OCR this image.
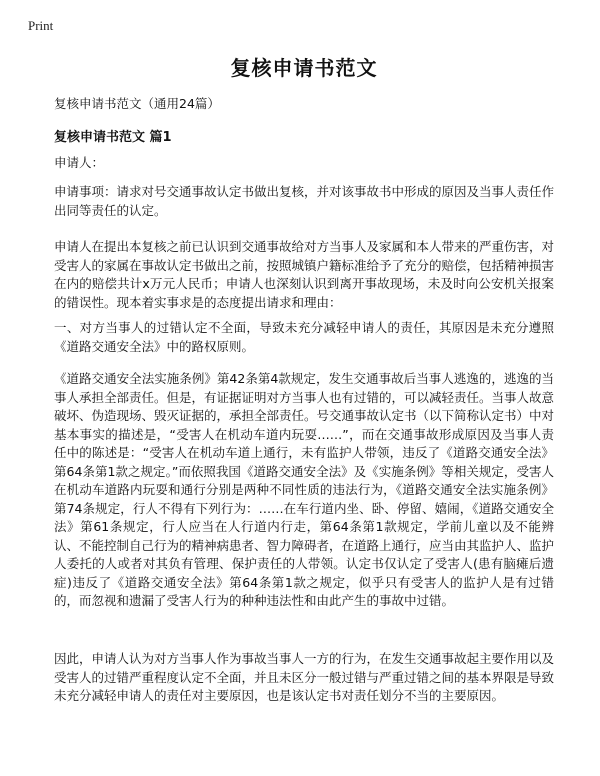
Print
复核申请书范文
复核申请书范文（通用24篇）
复核申请书范文 篇1

申请人：

申请事项：请求对号交通事故认定书做出复核，并对该事故书中形成的原因及当事人责任作出同等责任的认定。

申请人在提出本复核之前已认识到交通事故给对方当事人及家属和本人带来的严重伤害，对受害人的家属在事故认定书做出之前，按照城镇户籍标准给予了充分的赔偿，包括精神损害在内的赔偿共计x万元人民币；申请人也深刻认识到离开事故现场，未及时向公安机关报案的错误性。现本着实事求是的态度提出请求和理由：

一、对方当事人的过错认定不全面，导致未充分减轻申请人的责任，其原因是未充分遵照《道路交通安全法》中的路权原则。

《道路交通安全法实施条例》第42条第4款规定，发生交通事故后当事人逃逸的，逃逸的当事人承担全部责任。但是，有证据证明对方当事人也有过错的，可以减轻责任。当事人故意破坏、伪造现场、毁灭证据的，承担全部责任。号交通事故认定书（以下简称认定书）中对基本事实的描述是，“受害人在机动车道内玩耍……”，而在交通事故形成原因及当事人责任中的陈述是：“受害人在机动车道上通行，未有监护人带领，违反了《道路交通安全法》第64条第1款之规定。”而依照我国《道路交通安全法》及《实施条例》等相关规定，受害人在机动车道路内玩耍和通行分别是两种不同性质的违法行为，《道路交通安全法实施条例》第74条规定，行人不得有下列行为：……在车行道内坐、卧、停留、嬉闹，《道路交通安全法》第61条规定，行人应当在人行道内行走，第64条第1款规定，学前儿童以及不能辨认、不能控制自己行为的精神病患者、智力障碍者，在道路上通行，应当由其监护人、监护人委托的人或者对其负有管理、保护责任的人带领。认定书仅认定了受害人(患有脑瘫后遗症)违反了《道路交通安全法》第64条第1款之规定，似乎只有受害人的监护人是有过错的，而忽视和遗漏了受害人行为的种种违法性和由此产生的事故中过错。

因此，申请人认为对方当事人作为事故当事人一方的行为，在发生交通事故起主要作用以及受害人的过错严重程度认定不全面，并且未区分一般过错与严重过错之间的基本界限是导致未充分减轻申请人的责任对主要原因，也是该认定书对责任划分不当的主要原因。
